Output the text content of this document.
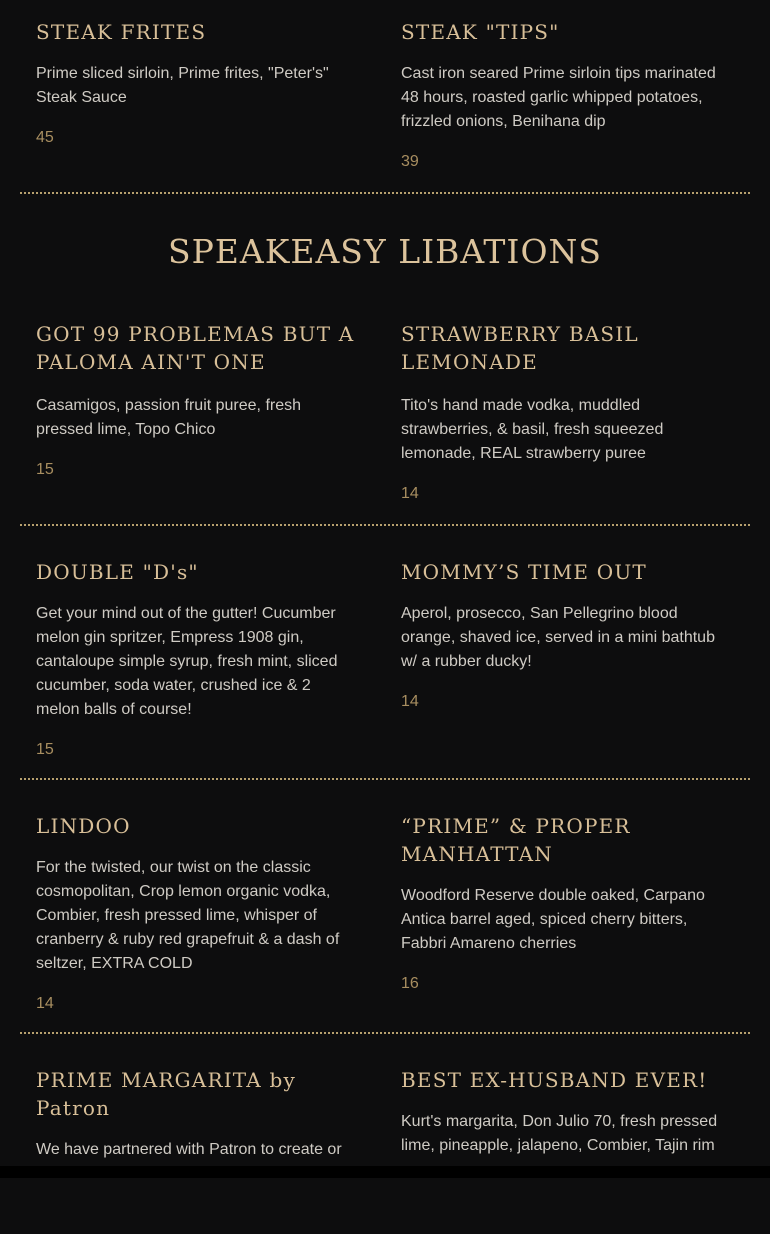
STEAK FRITES

Prime sliced sirloin, Prime frites, "Peter's" Steak Sauce

45

STEAK "TIPS"

Cast iron seared Prime sirloin tips marinated 48 hours, roasted garlic whipped potatoes, frizzled onions, Benihana dip

39

SPEAKEASY LIBATIONS
GOT 99 PROBLEMAS BUT A PALOMA AIN'T ONE

Casamigos, passion fruit puree, fresh pressed lime, Topo Chico

15

STRAWBERRY BASIL LEMONADE

Tito's hand made vodka, muddled strawberries, & basil, fresh squeezed lemonade, REAL strawberry puree

14

DOUBLE "D's"

Get your mind out of the gutter! Cucumber melon gin spritzer, Empress 1908 gin, cantaloupe simple syrup, fresh mint, sliced cucumber, soda water, crushed ice & 2 melon balls of course!

15

MOMMY’S TIME OUT

Aperol, prosecco, San Pellegrino blood orange, shaved ice, served in a mini bathtub w/ a rubber ducky!

14

LINDOO

For the twisted, our twist on the classic cosmopolitan, Crop lemon organic vodka, Combier, fresh pressed lime, whisper of cranberry & ruby red grapefruit & a dash of seltzer, EXTRA COLD

14

“PRIME” & PROPER MANHATTAN

Woodford Reserve double oaked, Carpano Antica barrel aged, spiced cherry bitters, Fabbri Amareno cherries

16

PRIME MARGARITA by Patron

We have partnered with Patron to create or

BEST EX-HUSBAND EVER!

Kurt's margarita, Don Julio 70, fresh pressed lime, pineapple, jalapeno, Combier, Tajin rim
